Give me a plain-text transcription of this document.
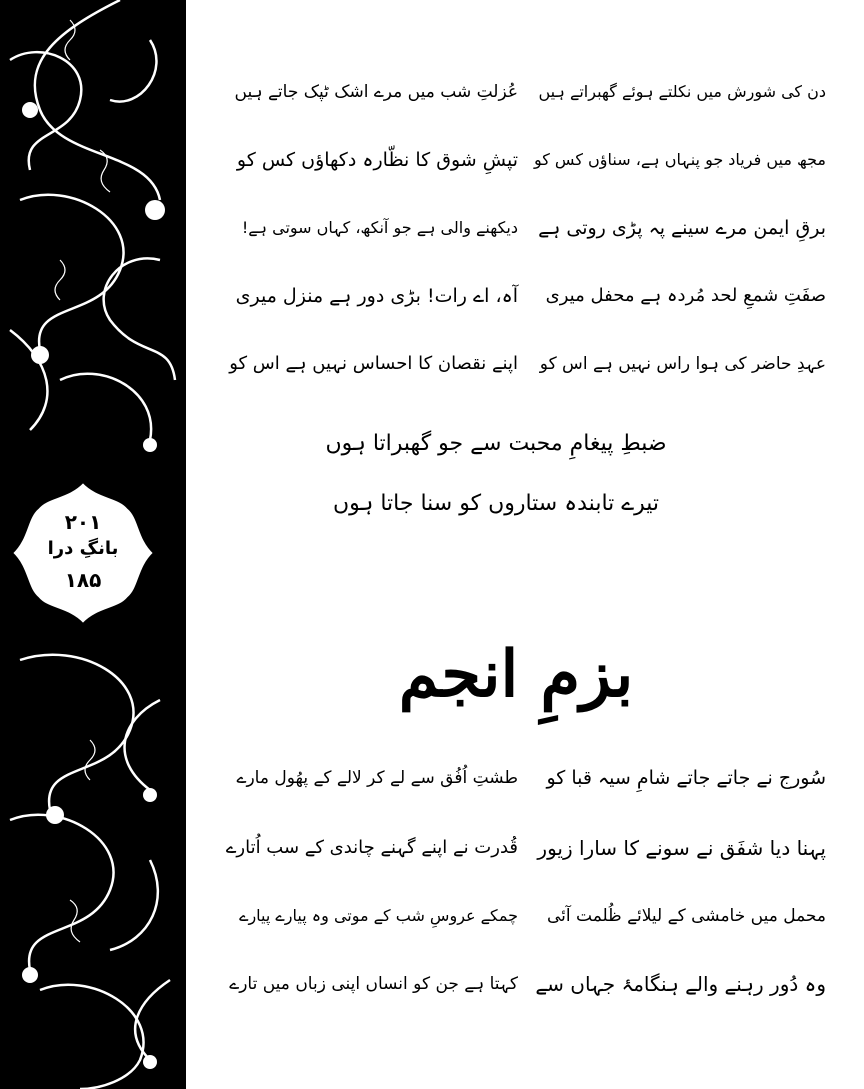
۲۰۱
بانگِ درا
۱۸۵
دن کی شورش میں نکلتے ہوئے گھبراتے ہیں
عُزلتِ شب میں مرے اشک ٹپک جاتے ہیں
مجھ میں فریاد جو پنہاں ہے، سناؤں کس کو
تپشِ شوق کا نظّارہ دکھاؤں کس کو
برقِ ایمن مرے سینے پہ پڑی روتی ہے
دیکھنے والی ہے جو آنکھ، کہاں سوتی ہے!
صفَتِ شمعِ لحد مُردہ ہے محفل میری
آہ، اے رات! بڑی دور ہے منزل میری
عہدِ حاضر کی ہوا راس نہیں ہے اس کو
اپنے نقصان کا احساس نہیں ہے اس کو
ضبطِ پیغامِ محبت سے جو گھبراتا ہوں
تیرے تابندہ ستاروں کو سنا جاتا ہوں
بزمِ انجم
سُورج نے جاتے جاتے شامِ سیہ قبا کو
طشتِ اُفُق سے لے کر لالے کے پھُول مارے
پہنا دیا شفَق نے سونے کا سارا زیور
قُدرت نے اپنے گہنے چاندی کے سب اُتارے
محمل میں خامشی کے لیلائے ظُلمت آئی
چمکے عروسِ شب کے موتی وہ پیارے پیارے
وہ دُور رہنے والے ہنگامۂ جہاں سے
کہتا ہے جن کو انساں اپنی زباں میں تارے
